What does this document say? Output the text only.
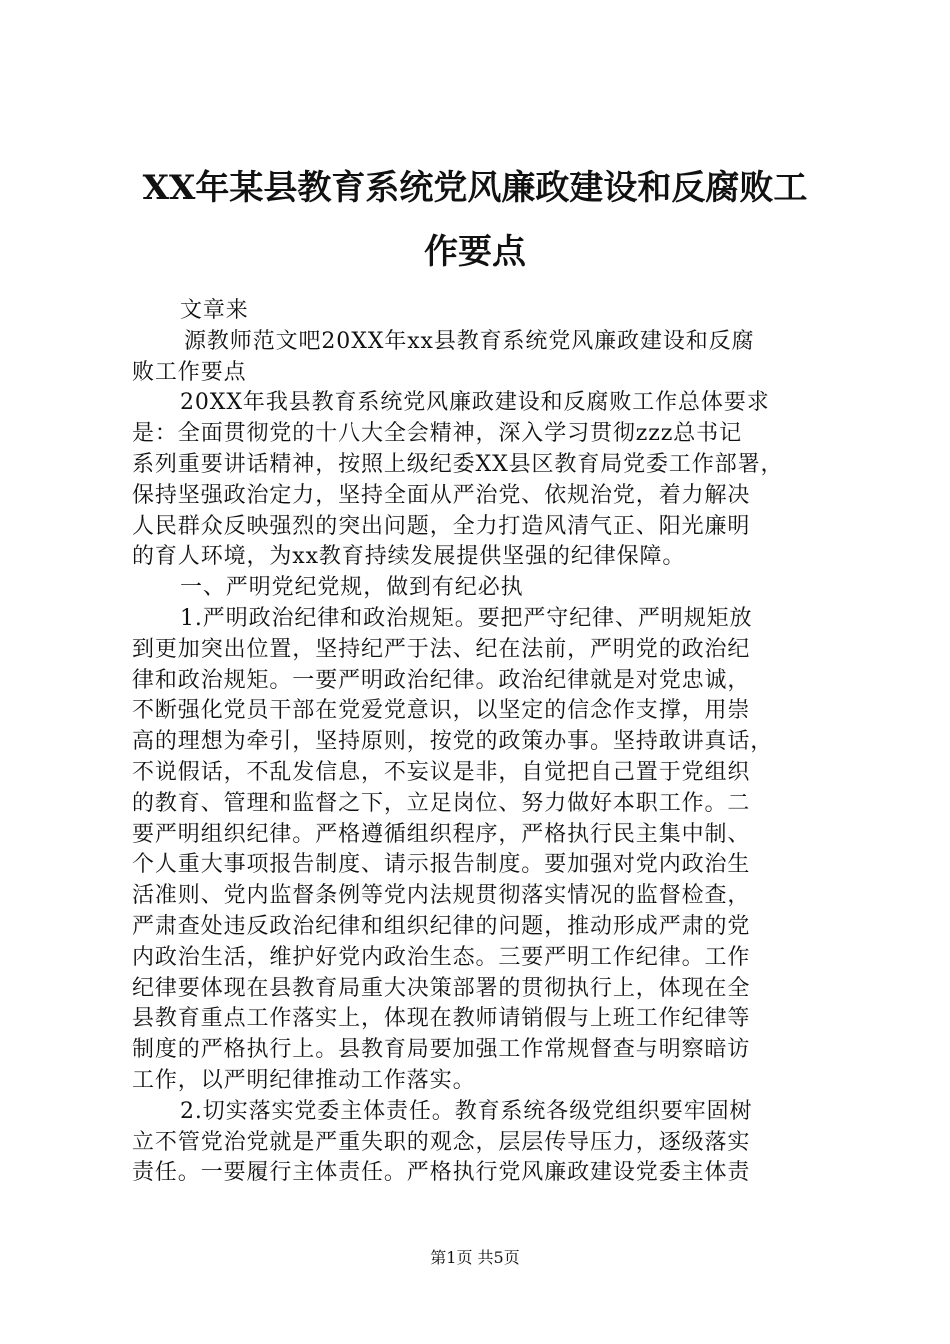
XX年某县教育系统党风廉政建设和反腐败工
作要点
文章来
源教师范文吧20XX年xx县教育系统党风廉政建设和反腐
败工作要点
20XX年我县教育系统党风廉政建设和反腐败工作总体要求
是：全面贯彻党的十八大全会精神，深入学习贯彻zzz总书记
系列重要讲话精神，按照上级纪委XX县区教育局党委工作部署，
保持坚强政治定力，坚持全面从严治党、依规治党，着力解决
人民群众反映强烈的突出问题，全力打造风清气正、阳光廉明
的育人环境，为xx教育持续发展提供坚强的纪律保障。
一、严明党纪党规，做到有纪必执
1.严明政治纪律和政治规矩。要把严守纪律、严明规矩放
到更加突出位置，坚持纪严于法、纪在法前，严明党的政治纪
律和政治规矩。一要严明政治纪律。政治纪律就是对党忠诚，
不断强化党员干部在党爱党意识，以坚定的信念作支撑，用崇
高的理想为牵引，坚持原则，按党的政策办事。坚持敢讲真话，
不说假话，不乱发信息，不妄议是非，自觉把自己置于党组织
的教育、管理和监督之下，立足岗位、努力做好本职工作。二
要严明组织纪律。严格遵循组织程序，严格执行民主集中制、
个人重大事项报告制度、请示报告制度。要加强对党内政治生
活准则、党内监督条例等党内法规贯彻落实情况的监督检查，
严肃查处违反政治纪律和组织纪律的问题，推动形成严肃的党
内政治生活，维护好党内政治生态。三要严明工作纪律。工作
纪律要体现在县教育局重大决策部署的贯彻执行上，体现在全
县教育重点工作落实上，体现在教师请销假与上班工作纪律等
制度的严格执行上。县教育局要加强工作常规督查与明察暗访
工作，以严明纪律推动工作落实。
2.切实落实党委主体责任。教育系统各级党组织要牢固树
立不管党治党就是严重失职的观念，层层传导压力，逐级落实
责任。一要履行主体责任。严格执行党风廉政建设党委主体责
第1页 共5页
